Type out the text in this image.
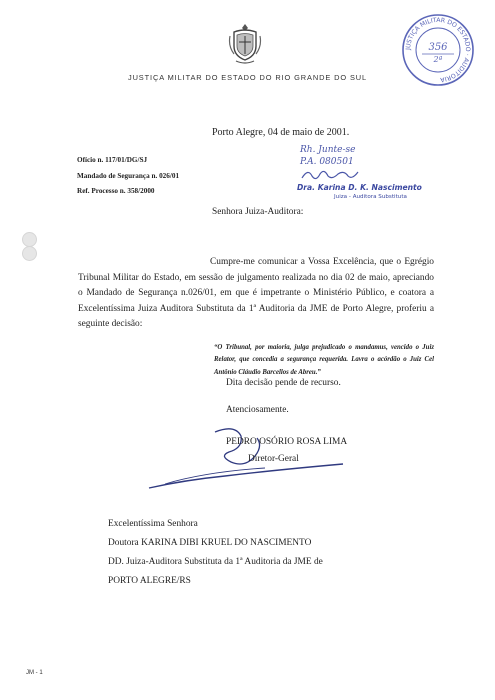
JUSTIÇA MILITAR DO ESTADO DO RIO GRANDE DO SUL
JUSTIÇA MILITAR DO ESTADO · AUDITORIA
356
2ª
Porto Alegre, 04 de maio de 2001.
Ofício n. 117/01/DG/SJ
Mandado de Segurança n. 026/01
Ref. Processo n. 358/2000
Rh. Junte-se
P.A. 080501
Dra. Karina D. K. Nascimento
Juiza - Auditora Substituta
Senhora Juiza-Auditora:
Cumpre-me comunicar a Vossa Excelência, que o Egrégio Tribunal Militar do Estado, em sessão de julgamento realizada no dia 02 de maio, apreciando o Mandado de Segurança n.026/01, em que é impetrante o Ministério Público, e coatora a Excelentíssima Juiza Auditora Substituta da 1ª Auditoria da JME de Porto Alegre, proferiu a seguinte decisão:
“O Tribunal, por maioria, julga prejudicado o mandamus, vencido o Juiz Relator, que concedia a segurança requerida. Lavra o acórdão o Juiz Cel Antônio Cláudio Barcellos de Abreu.”
Dita decisão pende de recurso.
Atenciosamente.
PEDRO OSÓRIO ROSA LIMA
Diretor-Geral
Excelentíssima Senhora
Doutora KARINA DIBI KRUEL DO NASCIMENTO
DD. Juiza-Auditora Substituta da 1ª Auditoria da JME de
PORTO ALEGRE/RS
JM - 1
